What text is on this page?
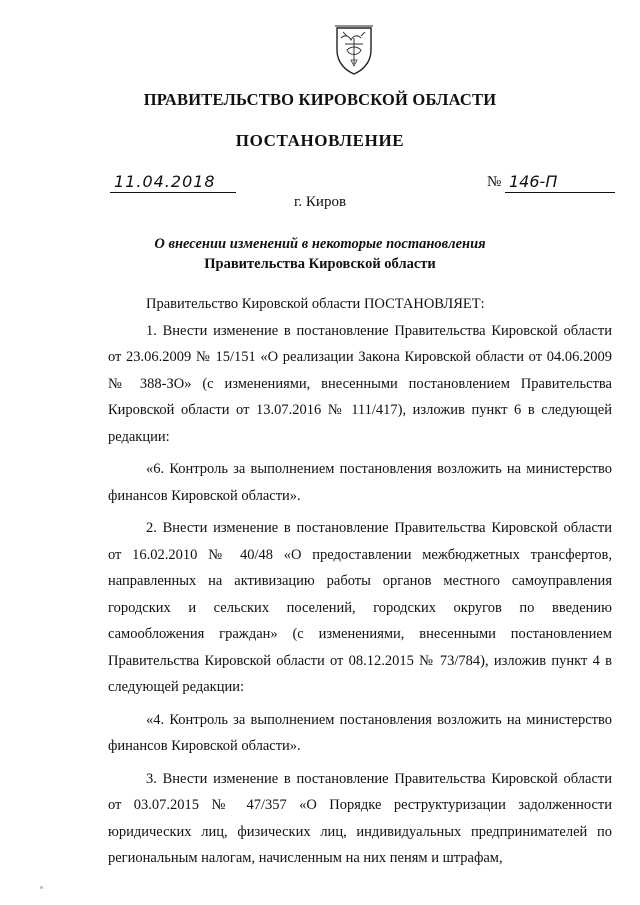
ПРАВИТЕЛЬСТВО КИРОВСКОЙ ОБЛАСТИ
ПОСТАНОВЛЕНИЕ
11.04.2018	№ 146-П
г. Киров
О внесении изменений в некоторые постановления
Правительства Кировской области

Правительство Кировской области ПОСТАНОВЛЯЕТ:

1. Внести изменение в постановление Правительства Кировской области от 23.06.2009 № 15/151 «О реализации Закона Кировской области от 04.06.2009 № 388-ЗО» (с изменениями, внесенными постановлением Правительства Кировской области от 13.07.2016 № 111/417), изложив пункт 6 в следующей редакции:

«6. Контроль за выполнением постановления возложить на министерство финансов Кировской области».

2. Внести изменение в постановление Правительства Кировской области от 16.02.2010 № 40/48 «О предоставлении межбюджетных трансфертов, направленных на активизацию работы органов местного самоуправления городских и сельских поселений, городских округов по введению самообложения граждан» (с изменениями, внесенными постановлением Правительства Кировской области от 08.12.2015 № 73/784), изложив пункт 4 в следующей редакции:

«4. Контроль за выполнением постановления возложить на министерство финансов Кировской области».

3. Внести изменение в постановление Правительства Кировской области от 03.07.2015 № 47/357 «О Порядке реструктуризации задолженности юридических лиц, физических лиц, индивидуальных предпринимателей по региональным налогам, начисленным на них пеням и штрафам,
